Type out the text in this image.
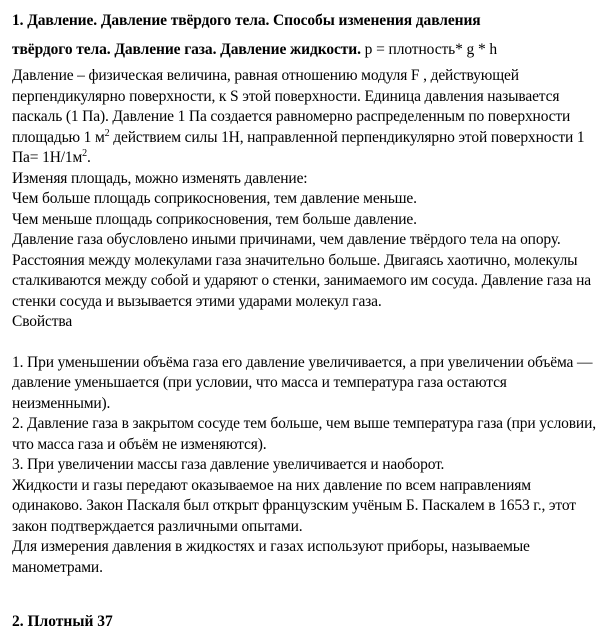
1. Давление. Давление твёрдого тела. Способы изменения давления
твёрдого тела. Давление газа. Давление жидкости. p = плотность* g * h

Давление – физическая величина, равная отношению модуля F , действующей перпендикулярно поверхности, к S этой поверхности. Единица давления называется паскаль (1 Па). Давление 1 Па создается равномерно распределенным по поверхности площадью 1 $м^2$ действием силы 1Н, направленной перпендикулярно этой поверхности 1 $Па= 1Н/1м^2$.

Изменяя площадь, можно изменять давление:

Чем больше площадь соприкосновения, тем давление меньше.

Чем меньше площадь соприкосновения, тем больше давление.

Давление газа обусловлено иными причинами, чем давление твёрдого тела на опору.

Расстояния между молекулами газа значительно больше. Двигаясь хаотично, молекулы сталкиваются между собой и ударяют о стенки, занимаемого им сосуда. Давление газа на стенки сосуда и вызывается этими ударами молекул газа.

Свойства

1. При уменьшении объёма газа его давление увеличивается, а при увеличении объёма — давление уменьшается (при условии, что масса и температура газа остаются неизменными).

2. Давление газа в закрытом сосуде тем больше, чем выше температура газа (при условии, что масса газа и объём не изменяются).

3. При увеличении массы газа давление увеличивается и наоборот.

Жидкости и газы передают оказываемое на них давление по всем направлениям одинаково. Закон Паскаля был открыт французским учёным Б. Паскалем в 1653 г., этот закон подтверждается различными опытами.

Для измерения давления в жидкостях и газах используют приборы, называемые манометрами.

2. Плотный 37
